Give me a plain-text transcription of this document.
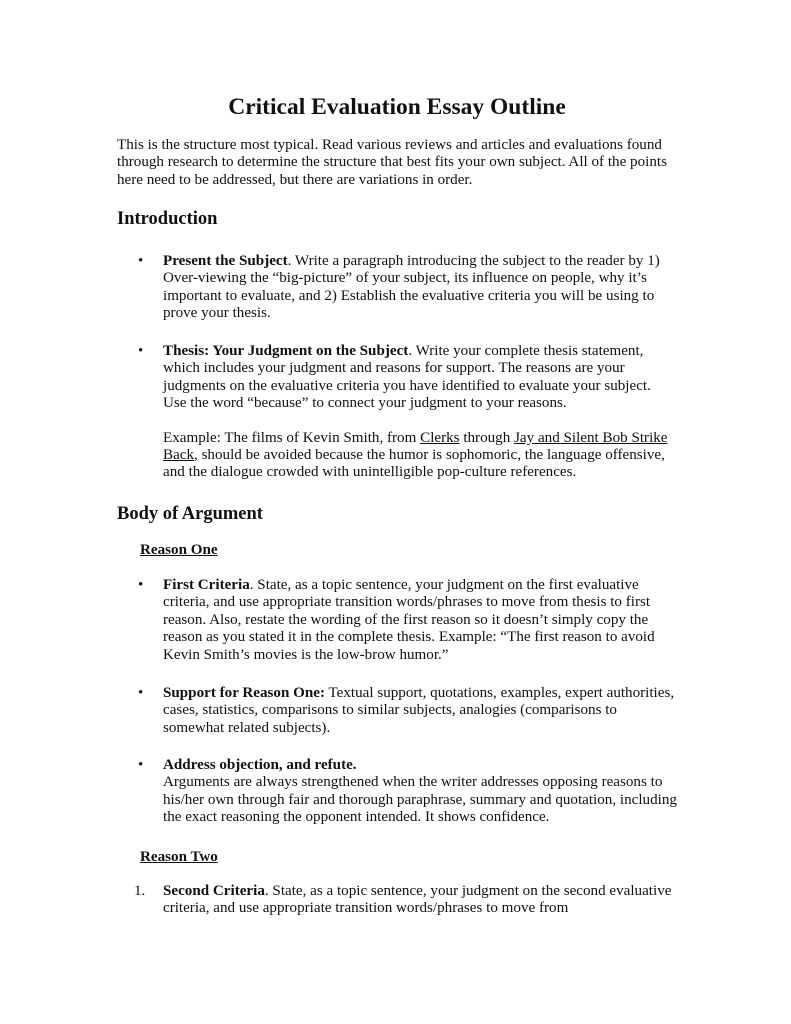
Critical Evaluation Essay Outline

This is the structure most typical. Read various reviews and articles and evaluations found through research to determine the structure that best fits your own subject. All of the points here need to be addressed, but there are variations in order.

Introduction
• Present the Subject. Write a paragraph introducing the subject to the reader by 1) Over-viewing the “big-picture” of your subject, its influence on people, why it’s important to evaluate, and 2) Establish the evaluative criteria you will be using to prove your thesis.

• Thesis: Your Judgment on the Subject. Write your complete thesis statement, which includes your judgment and reasons for support. The reasons are your judgments on the evaluative criteria you have identified to evaluate your subject. Use the word “because” to connect your judgment to your reasons.

Example: The films of Kevin Smith, from Clerks through Jay and Silent Bob Strike Back, should be avoided because the humor is sophomoric, the language offensive, and the dialogue crowded with unintelligible pop-culture references.

Body of Argument
Reason One
• First Criteria. State, as a topic sentence, your judgment on the first evaluative criteria, and use appropriate transition words/phrases to move from thesis to first reason. Also, restate the wording of the first reason so it doesn’t simply copy the reason as you stated it in the complete thesis. Example: “The first reason to avoid Kevin Smith’s movies is the low-brow humor.”

• Support for Reason One: Textual support, quotations, examples, expert authorities, cases, statistics, comparisons to similar subjects, analogies (comparisons to somewhat related subjects).

• Address objection, and refute.

Arguments are always strengthened when the writer addresses opposing reasons to his/her own through fair and thorough paraphrase, summary and quotation, including the exact reasoning the opponent intended. It shows confidence.

Reason Two
1. Second Criteria. State, as a topic sentence, your judgment on the second evaluative criteria, and use appropriate transition words/phrases to move from
